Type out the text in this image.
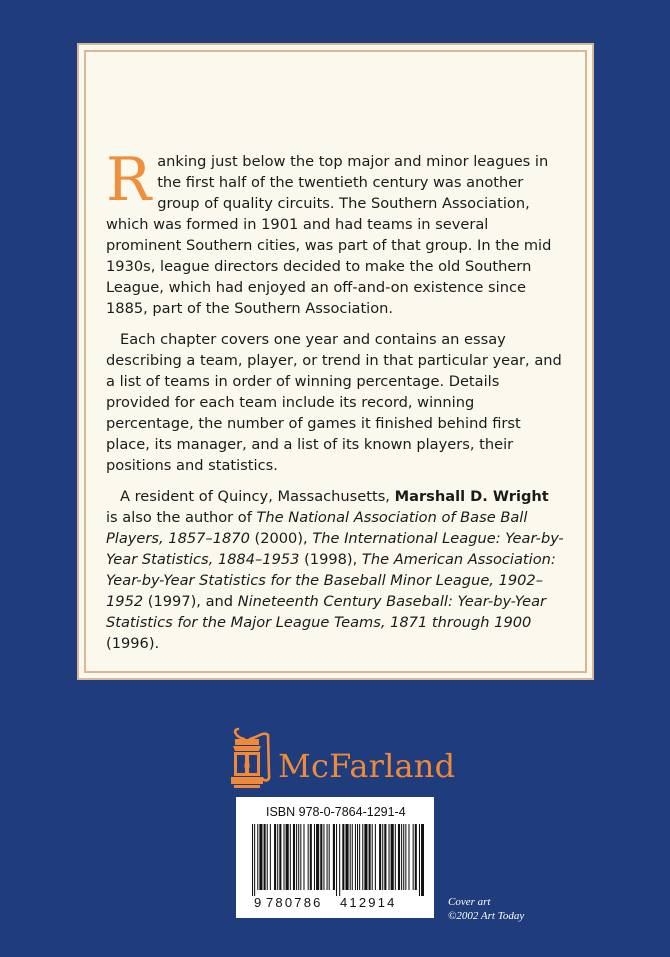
Ranking just below the top major and minor leagues in the first half of the twentieth century was another group of quality circuits. The Southern Association, which was formed in 1901 and had teams in several prominent Southern cities, was part of that group. In the mid 1930s, league directors decided to make the old Southern League, which had enjoyed an off-and-on existence since 1885, part of the Southern Association.

Each chapter covers one year and contains an essay describing a team, player, or trend in that particular year, and a list of teams in order of winning percentage. Details provided for each team include its record, winning percentage, the number of games it finished behind first place, its manager, and a list of its known players, their positions and statistics.

A resident of Quincy, Massachusetts, Marshall D. Wright is also the author of The National Association of Base Ball Players, 1857–1870 (2000), The International League: Year-by-Year Statistics, 1884–1953 (1998), The American Association: Year-by-Year Statistics for the Baseball Minor League, 1902–1952 (1997), and Nineteenth Century Baseball: Year-by-Year Statistics for the Major League Teams, 1871 through 1900 (1996).

McFarland
ISBN 978-0-7864-1291-4
9 780786 412914	Cover art
©2002 Art Today
